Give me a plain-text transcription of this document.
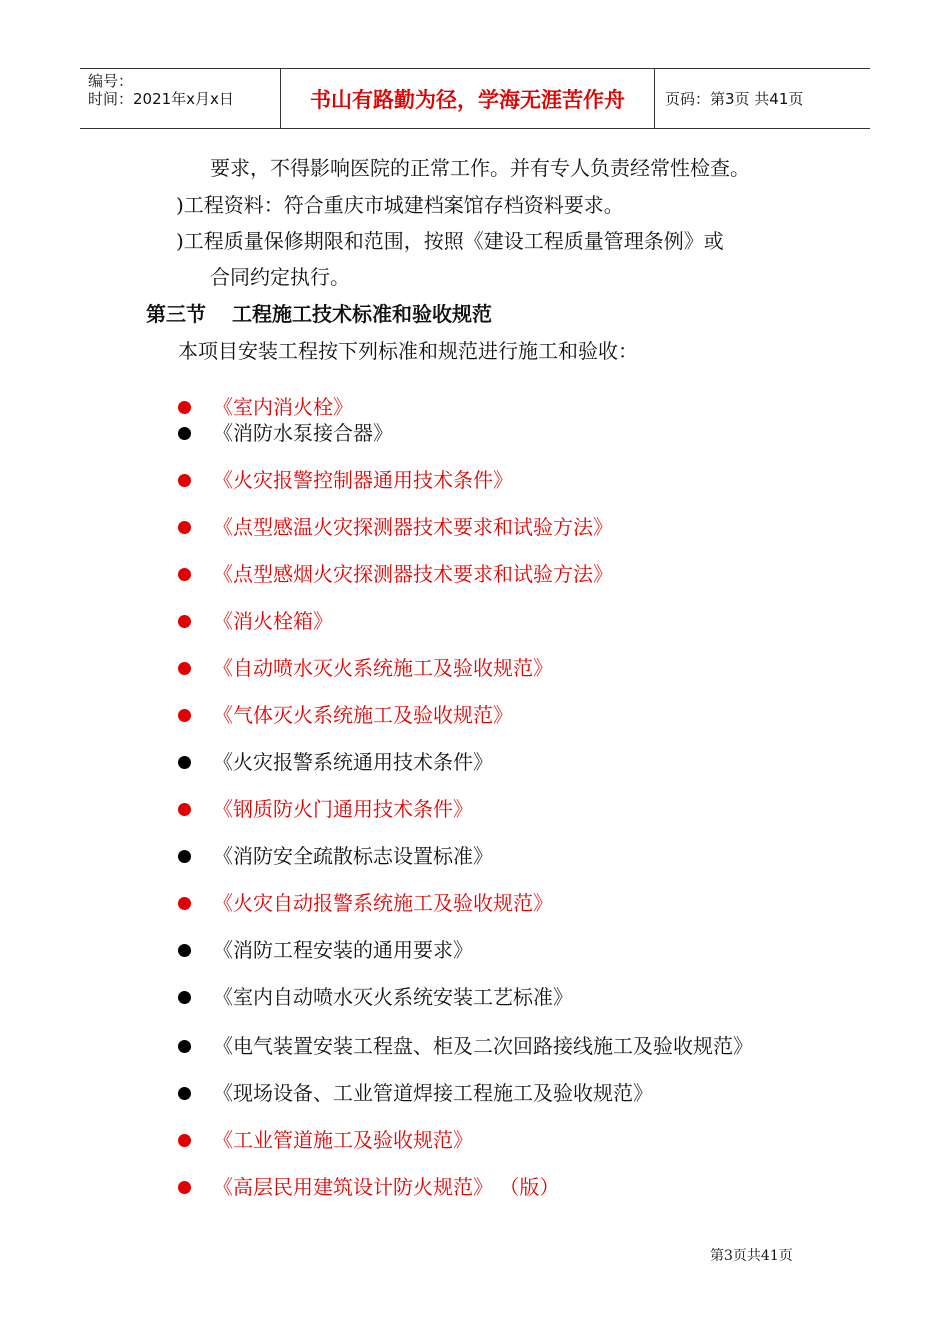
编号：
时间：2021年x月x日	书山有路勤为径，学海无涯苦作舟	页码：第3页 共41页
要求，不得影响医院的正常工作。并有专人负责经常性检查。
)工程资料：符合重庆市城建档案馆存档资料要求。
)工程质量保修期限和范围，按照《建设工程质量管理条例》或
合同约定执行。
第三节 工程施工技术标准和验收规范
本项目安装工程按下列标准和规范进行施工和验收：
《室内消火栓》
《消防水泵接合器》
《火灾报警控制器通用技术条件》
《点型感温火灾探测器技术要求和试验方法》
《点型感烟火灾探测器技术要求和试验方法》
《消火栓箱》
《自动喷水灭火系统施工及验收规范》
《气体灭火系统施工及验收规范》
《火灾报警系统通用技术条件》
《钢质防火门通用技术条件》
《消防安全疏散标志设置标准》
《火灾自动报警系统施工及验收规范》
《消防工程安装的通用要求》
《室内自动喷水灭火系统安装工艺标准》
《电气装置安装工程盘、柜及二次回路接线施工及验收规范》
《现场设备、工业管道焊接工程施工及验收规范》
《工业管道施工及验收规范》
《高层民用建筑设计防火规范》 （版）
第3页共41页
